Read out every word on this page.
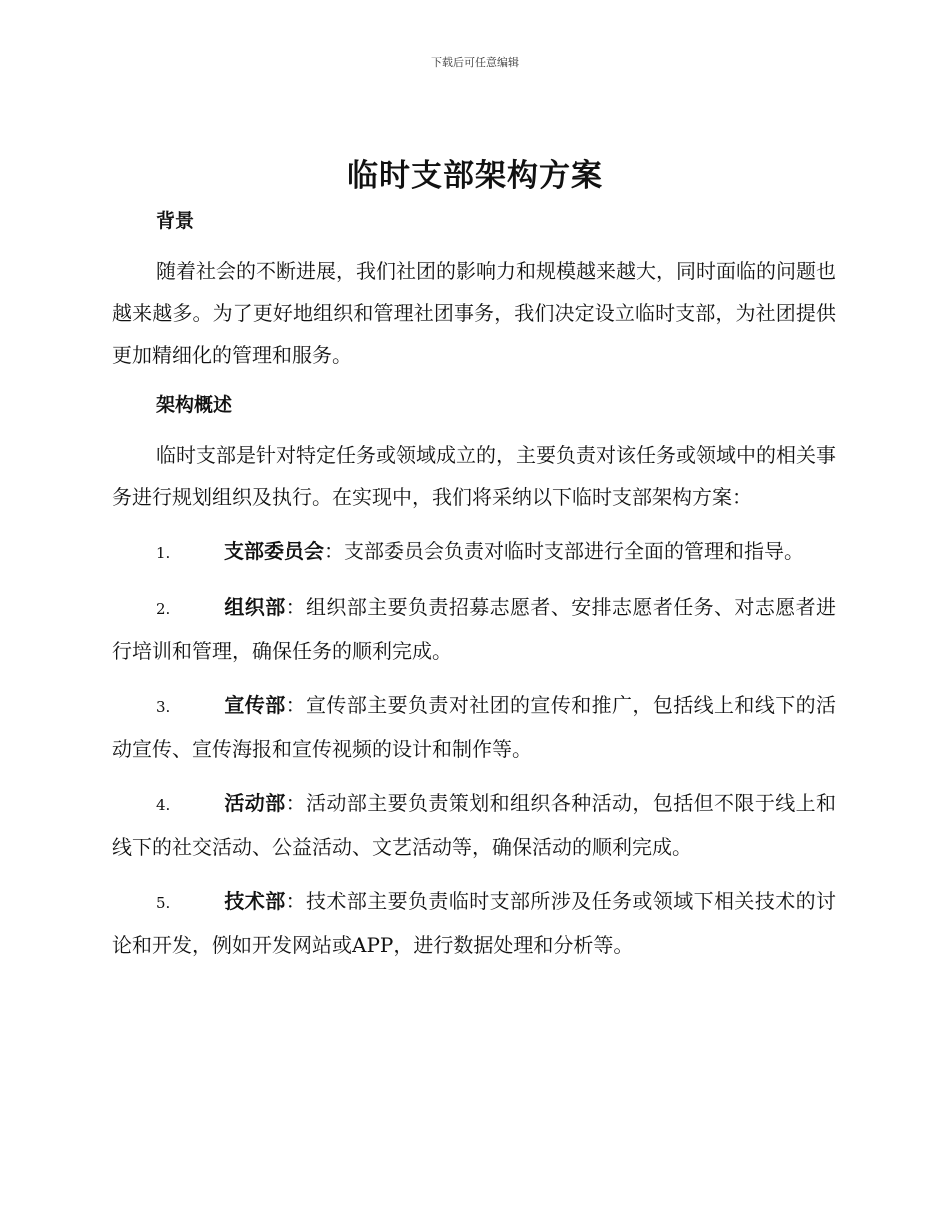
下载后可任意编辑
临时支部架构方案

背景

随着社会的不断进展，我们社团的影响力和规模越来越大，同时面临的问题也越来越多。为了更好地组织和管理社团事务，我们决定设立临时支部，为社团提供更加精细化的管理和服务。

架构概述

临时支部是针对特定任务或领域成立的，主要负责对该任务或领域中的相关事务进行规划组织及执行。在实现中，我们将采纳以下临时支部架构方案：

1.	支部委员会：支部委员会负责对临时支部进行全面的管理和指导。

2.	组织部：组织部主要负责招募志愿者、安排志愿者任务、对志愿者进行培训和管理，确保任务的顺利完成。

3.	宣传部：宣传部主要负责对社团的宣传和推广，包括线上和线下的活动宣传、宣传海报和宣传视频的设计和制作等。

4.	活动部：活动部主要负责策划和组织各种活动，包括但不限于线上和线下的社交活动、公益活动、文艺活动等，确保活动的顺利完成。

5.	技术部：技术部主要负责临时支部所涉及任务或领域下相关技术的讨论和开发，例如开发网站或APP，进行数据处理和分析等。
